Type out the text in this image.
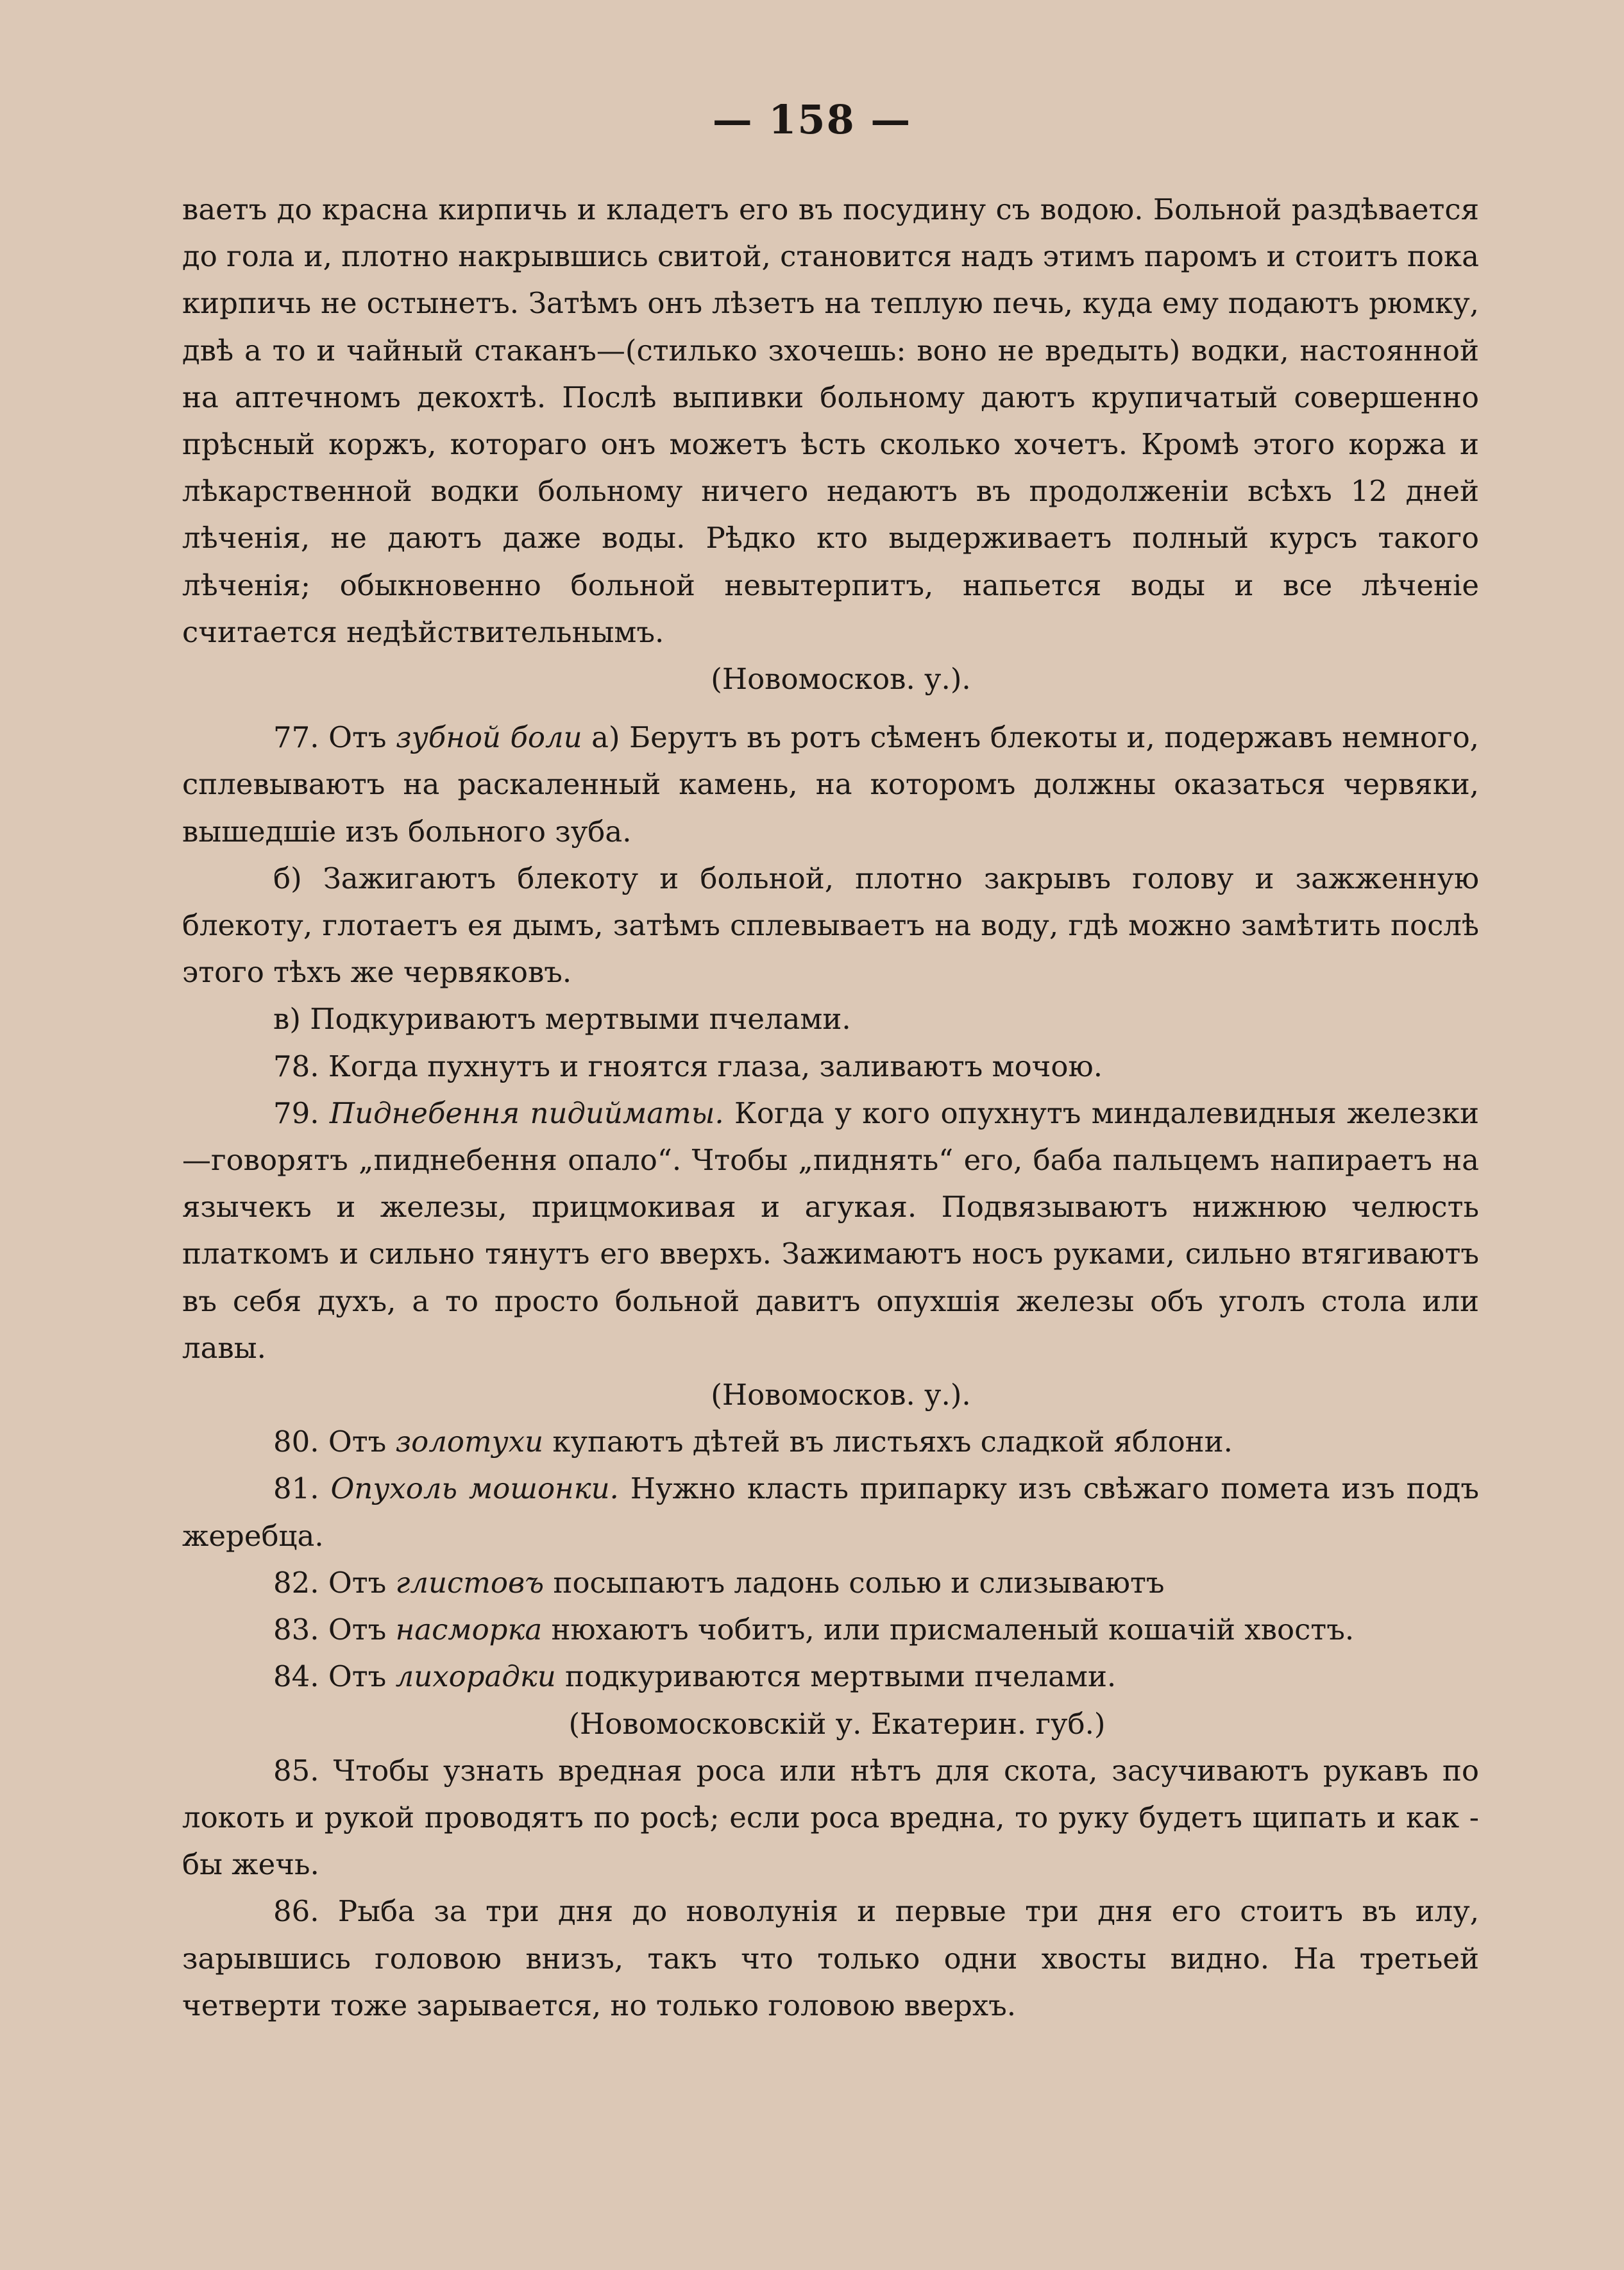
— 158 —

ваетъ до красна кирпичь и кладетъ его въ посудину съ водою. Больной раздѣвается до гола и, плотно накрывшись свитой, становится надъ этимъ паромъ и стоитъ пока кирпичь не остынетъ. Затѣмъ онъ лѣзетъ на теплую печь, куда ему подаютъ рюмку, двѣ а то и чайный стаканъ—(стилько зхочешь: воно не вредыть) водки, настоянной на аптечномъ декохтѣ. Послѣ выпивки больному даютъ крупичатый совершенно прѣсный коржъ, котораго онъ можетъ ѣсть сколько хочетъ. Кромѣ этого коржа и лѣкарственной водки больному ничего недаютъ въ продолженіи всѣхъ 12 дней лѣченія, не даютъ даже воды. Рѣдко кто выдерживаетъ полный курсъ такого лѣченія; обыкновенно больной невытерпитъ, напьется воды и все лѣченіе считается недѣйствительнымъ.

(Новомосков. у.).

77. Отъ зубной боли а) Берутъ въ ротъ сѣменъ блекоты и, подержавъ немного, сплевываютъ на раскаленный камень, на которомъ должны оказаться червяки, вышедшіе изъ больного зуба.

б) Зажигаютъ блекоту и больной, плотно закрывъ голову и зажженную блекоту, глотаетъ ея дымъ, затѣмъ сплевываетъ на воду, гдѣ можно замѣтить послѣ этого тѣхъ же червяковъ.

в) Подкуриваютъ мертвыми пчелами.

78. Когда пухнутъ и гноятся глаза, заливаютъ мочою.

79. Пиднебення пидиймаmы. Когда у кого опухнутъ миндалевидныя железки—говорятъ „пиднебення опало“. Чтобы „пиднять“ его, баба пальцемъ напираетъ на язычекъ и железы, прицмокивая и агукая. Подвязываютъ нижнюю челюсть платкомъ и сильно тянутъ его вверхъ. Зажимаютъ носъ руками, сильно втягиваютъ въ себя духъ, а то просто больной давитъ опухшія железы объ уголъ стола или лавы.

(Новомосков. у.).

80. Отъ золотухи купаютъ дѣтей въ листьяхъ сладкой яблони.

81. Опухоль мошонки. Нужно класть припарку изъ свѣжаго помета изъ подъ жеребца.

82. Отъ глистовъ посыпаютъ ладонь солью и слизываютъ

83. Отъ насморка нюхаютъ чобитъ, или присмаленый кошачій хвостъ.

84. Отъ лихорадки подкуриваются мертвыми пчелами.

(Новомосковскій у. Екатерин. губ.)

85. Чтобы узнать вредная роса или нѣтъ для скота, засучиваютъ рукавъ по локоть и рукой проводятъ по росѣ; если роса вредна, то руку будетъ щипать и как - бы жечь.

86. Рыба за три дня до новолунія и первые три дня его стоитъ въ илу, зарывшись головою внизъ, такъ что только одни хвосты видно. На третьей четверти тоже зарывается, но только головою вверхъ.
